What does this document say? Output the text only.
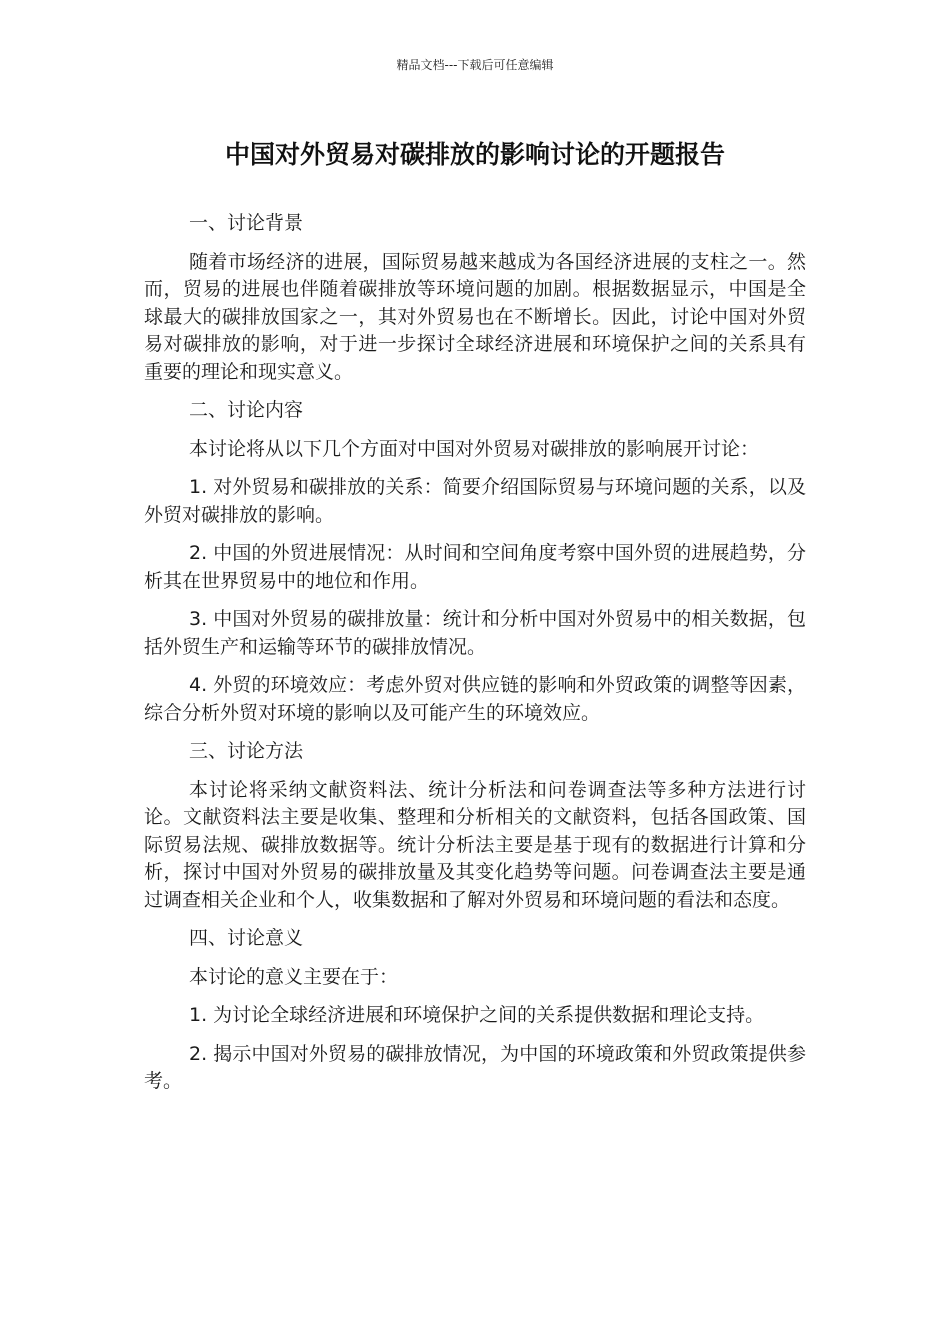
精品文档---下载后可任意编辑
中国对外贸易对碳排放的影响讨论的开题报告
一、讨论背景

随着市场经济的进展，国际贸易越来越成为各国经济进展的支柱之一。然而，贸易的进展也伴随着碳排放等环境问题的加剧。根据数据显示，中国是全球最大的碳排放国家之一，其对外贸易也在不断增长。因此，讨论中国对外贸易对碳排放的影响，对于进一步探讨全球经济进展和环境保护之间的关系具有重要的理论和现实意义。

二、讨论内容

本讨论将从以下几个方面对中国对外贸易对碳排放的影响展开讨论：

1. 对外贸易和碳排放的关系：简要介绍国际贸易与环境问题的关系，以及外贸对碳排放的影响。

2. 中国的外贸进展情况：从时间和空间角度考察中国外贸的进展趋势，分析其在世界贸易中的地位和作用。

3. 中国对外贸易的碳排放量：统计和分析中国对外贸易中的相关数据，包括外贸生产和运输等环节的碳排放情况。

4. 外贸的环境效应：考虑外贸对供应链的影响和外贸政策的调整等因素，综合分析外贸对环境的影响以及可能产生的环境效应。

三、讨论方法

本讨论将采纳文献资料法、统计分析法和问卷调查法等多种方法进行讨论。文献资料法主要是收集、整理和分析相关的文献资料，包括各国政策、国际贸易法规、碳排放数据等。统计分析法主要是基于现有的数据进行计算和分析，探讨中国对外贸易的碳排放量及其变化趋势等问题。问卷调查法主要是通过调查相关企业和个人，收集数据和了解对外贸易和环境问题的看法和态度。

四、讨论意义

本讨论的意义主要在于：

1. 为讨论全球经济进展和环境保护之间的关系提供数据和理论支持。

2. 揭示中国对外贸易的碳排放情况，为中国的环境政策和外贸政策提供参考。
